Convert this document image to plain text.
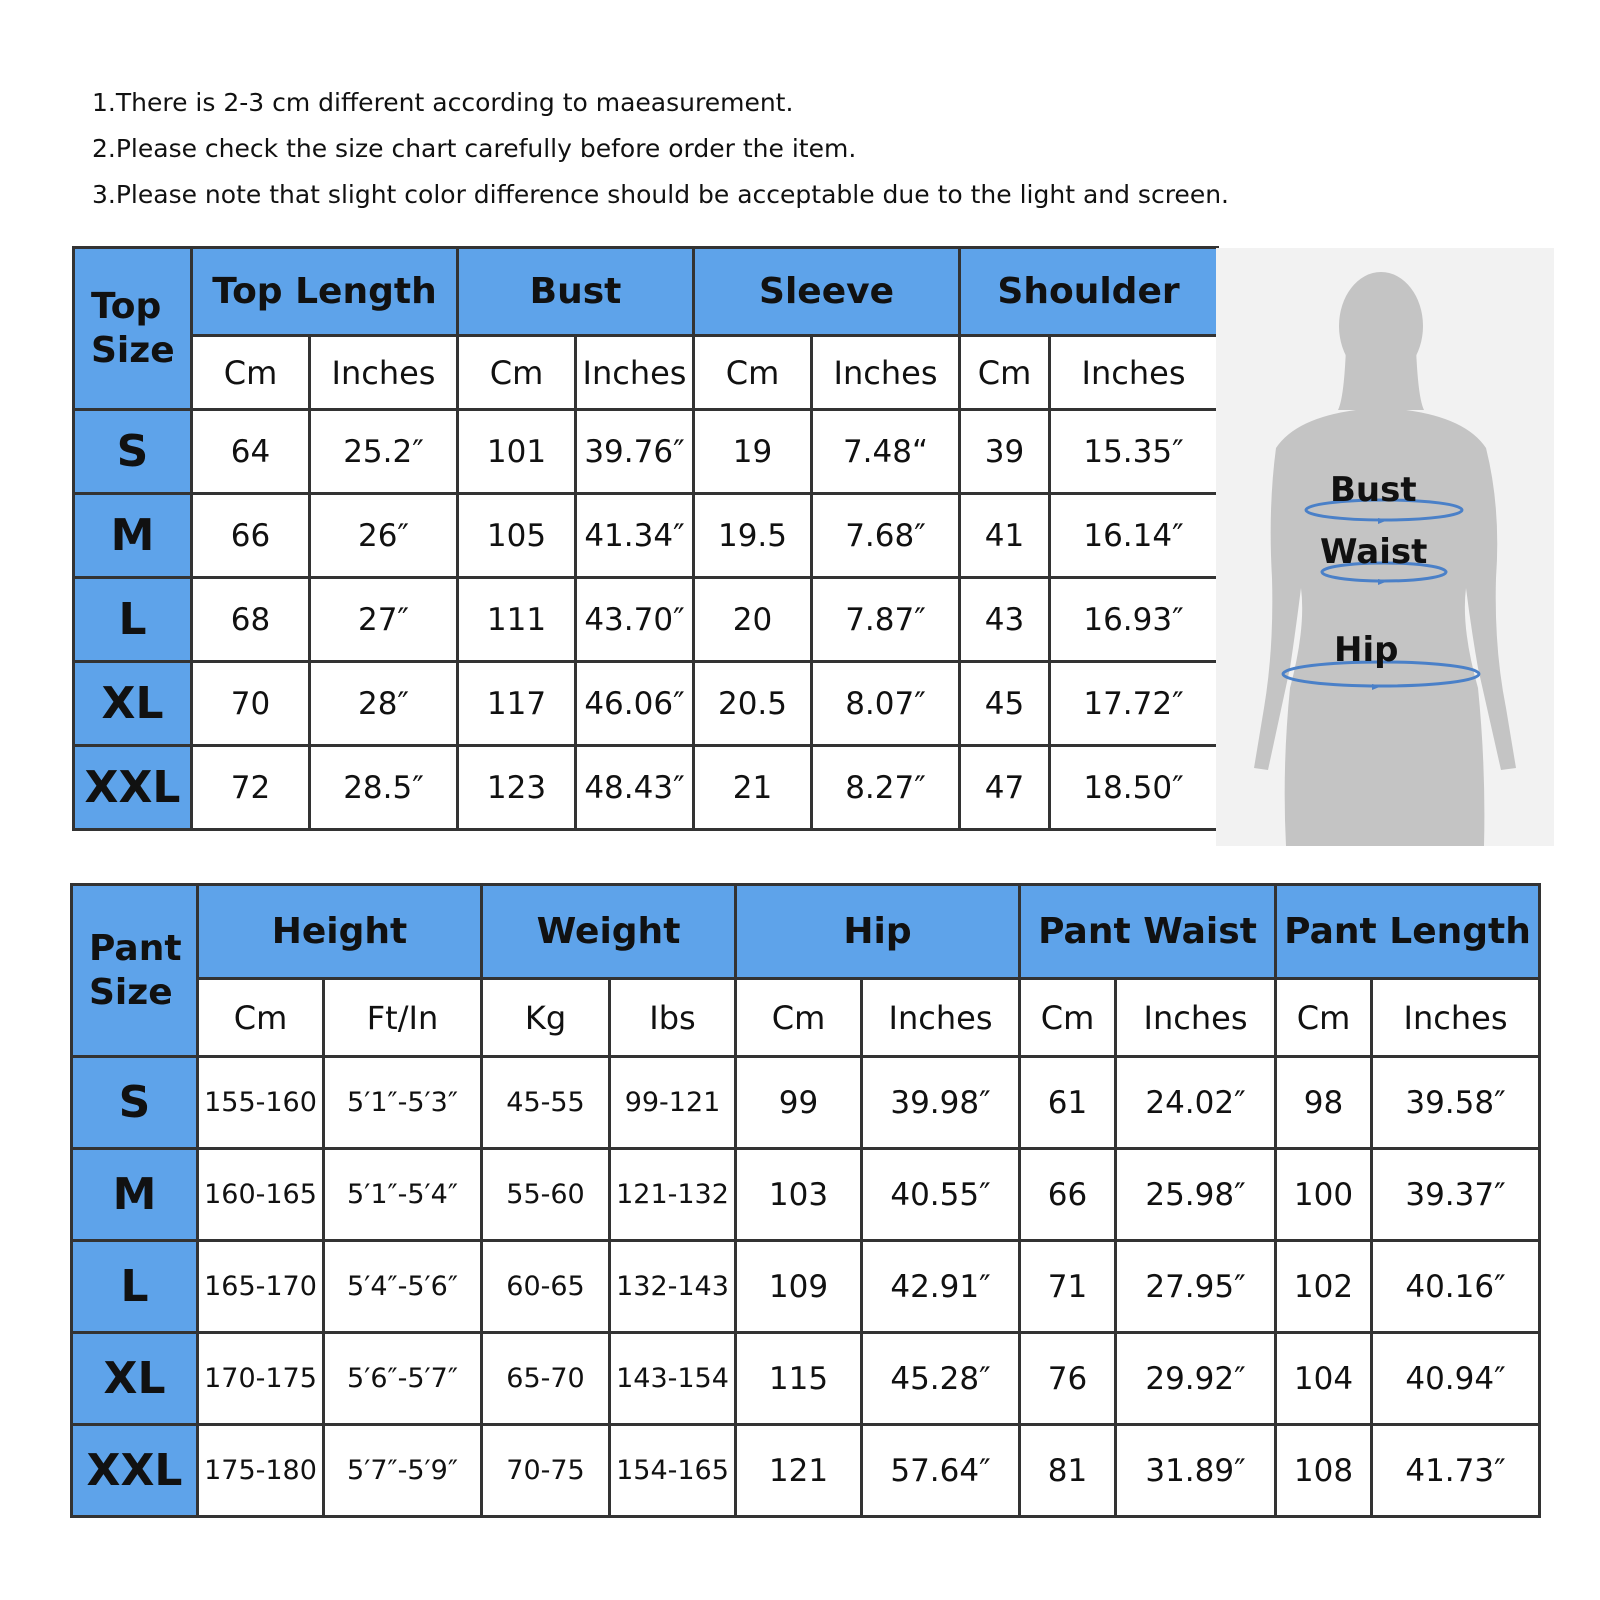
1.There is 2-3 cm different according to maeasurement.
2.Please check the size chart carefully before order the item.
3.Please note that slight color difference should be acceptable due to the light and screen.
Top Size	Top Length		Bust		Sleeve		Shoulder	
	Cm	Inches	Cm	Inches	Cm	Inches	Cm	Inches
S	64	25.2″	101	39.76″	19	7.48“	39	15.35″
M	66	26″	105	41.34″	19.5	7.68″	41	16.14″
L	68	27″	111	43.70″	20	7.87″	43	16.93″
XL	70	28″	117	46.06″	20.5	8.07″	45	17.72″
XXL	72	28.5″	123	48.43″	21	8.27″	47	18.50″
Bust
Waist
Hip
Pant Size	Height		Weight		Hip		Pant Waist		Pant Length	
	Cm	Ft/In	Kg	Ibs	Cm	Inches	Cm	Inches	Cm	Inches
S	155-160	5′1″-5′3″	45-55	99-121	99	39.98″	61	24.02″	98	39.58″
M	160-165	5′1″-5′4″	55-60	121-132	103	40.55″	66	25.98″	100	39.37″
L	165-170	5′4″-5′6″	60-65	132-143	109	42.91″	71	27.95″	102	40.16″
XL	170-175	5′6″-5′7″	65-70	143-154	115	45.28″	76	29.92″	104	40.94″
XXL	175-180	5′7″-5′9″	70-75	154-165	121	57.64″	81	31.89″	108	41.73″
